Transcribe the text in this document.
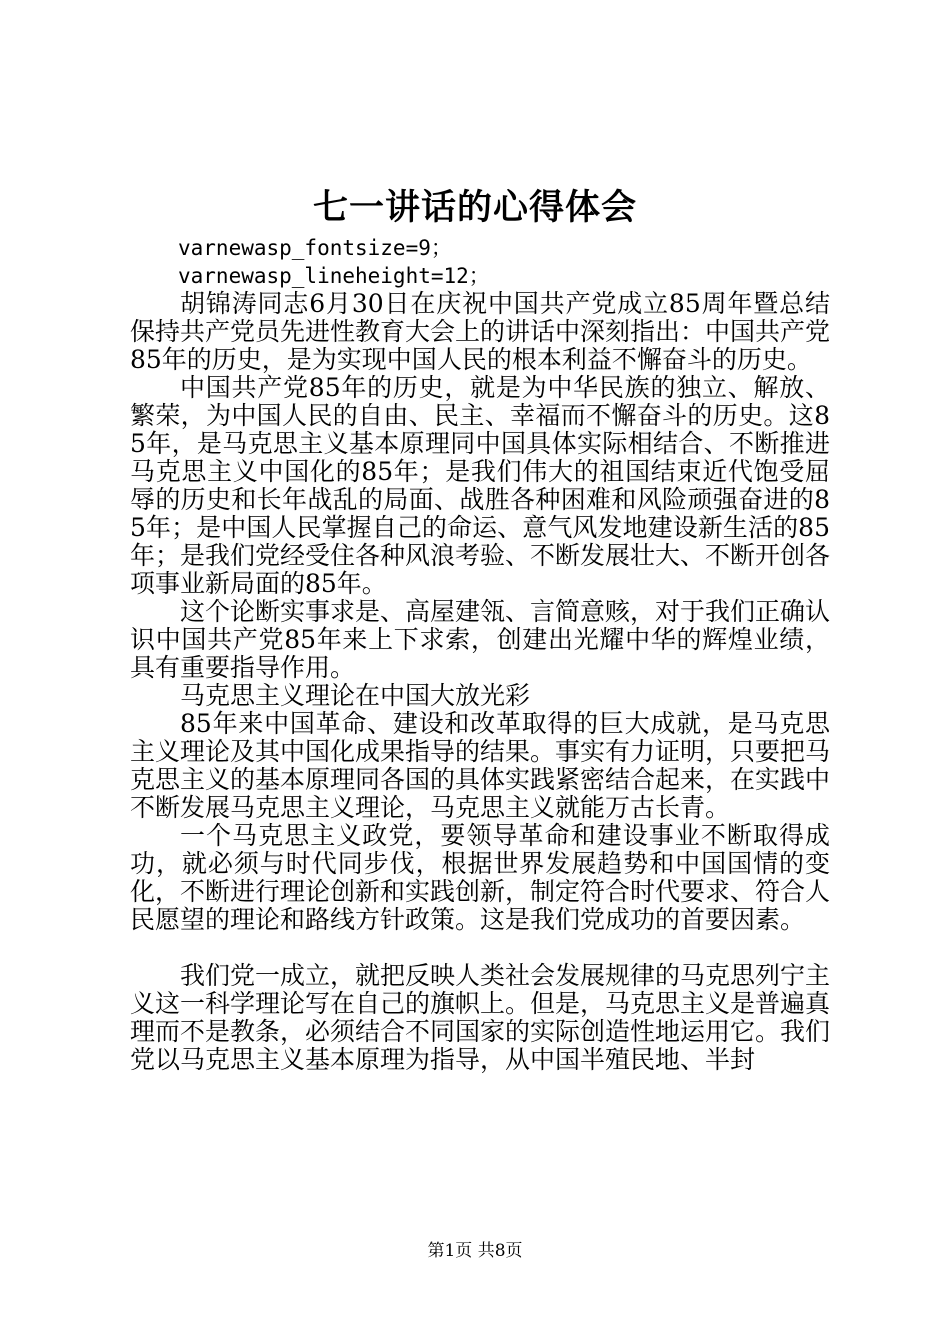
七一讲话的心得体会

varnewasp_fontsize=9；

varnewasp_lineheight=12；

胡锦涛同志6月30日在庆祝中国共产党成立85周年暨总结保持共产党员先进性教育大会上的讲话中深刻指出：中国共产党85年的历史，是为实现中国人民的根本利益不懈奋斗的历史。

中国共产党85年的历史，就是为中华民族的独立、解放、繁荣，为中国人民的自由、民主、幸福而不懈奋斗的历史。这85年，是马克思主义基本原理同中国具体实际相结合、不断推进马克思主义中国化的85年；是我们伟大的祖国结束近代饱受屈辱的历史和长年战乱的局面、战胜各种困难和风险顽强奋进的85年；是中国人民掌握自己的命运、意气风发地建设新生活的85年；是我们党经受住各种风浪考验、不断发展壮大、不断开创各项事业新局面的85年。

这个论断实事求是、高屋建瓴、言简意赅，对于我们正确认识中国共产党85年来上下求索，创建出光耀中华的辉煌业绩，具有重要指导作用。

马克思主义理论在中国大放光彩

85年来中国革命、建设和改革取得的巨大成就，是马克思主义理论及其中国化成果指导的结果。事实有力证明，只要把马克思主义的基本原理同各国的具体实践紧密结合起来，在实践中不断发展马克思主义理论，马克思主义就能万古长青。

一个马克思主义政党，要领导革命和建设事业不断取得成功，就必须与时代同步伐，根据世界发展趋势和中国国情的变化，不断进行理论创新和实践创新，制定符合时代要求、符合人民愿望的理论和路线方针政策。这是我们党成功的首要因素。

我们党一成立，就把反映人类社会发展规律的马克思列宁主义这一科学理论写在自己的旗帜上。但是，马克思主义是普遍真理而不是教条，必须结合不同国家的实际创造性地运用它。我们党以马克思主义基本原理为指导，从中国半殖民地、半封

第1页 共8页
